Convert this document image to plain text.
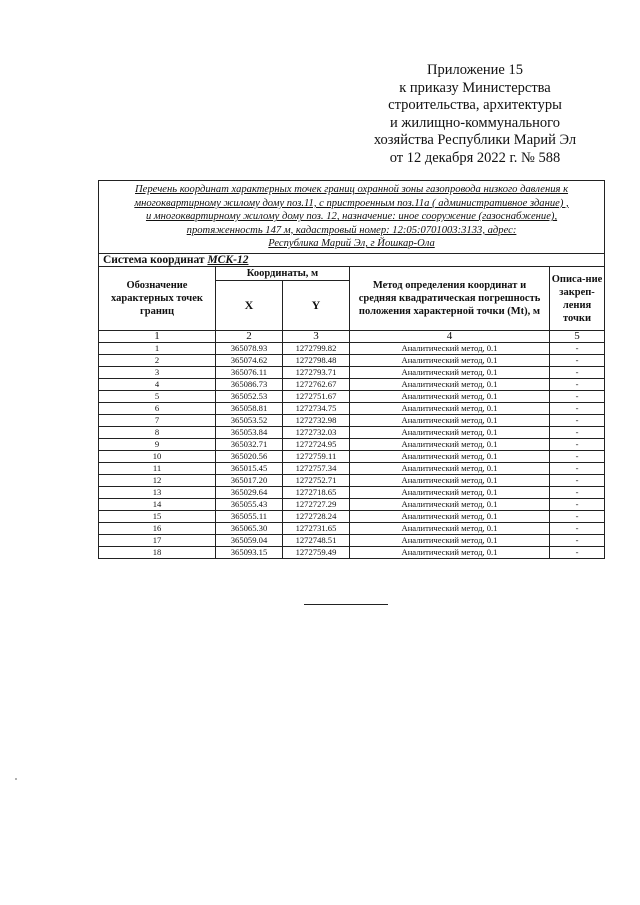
Приложение 15
к приказу Министерства
строительства, архитектуры
и жилищно-коммунального
хозяйства Республики Марий Эл
от 12 декабря 2022 г. № 588
Перечень координат характерных точек границ охранной зоны газопровода низкого давления к
многоквартирному жилому дому поз.11, с пристроенным поз.11а ( административное здание) ,
и многоквартирному жилому дому поз. 12, назначение: иное сооружение (газоснабжение),
протяженность 147 м, кадастровый номер: 12:05:0701003:3133, адрес:
Республика Марий Эл, г Йошкар-Ола				

Система координат МСК-12				
Обозначение характерных точек границ	Координаты, м		Метод определения координат и средняя квадратическая погрешность положения характерной точки (Mt), м	Описа-ние закреп-ления точки
	X	Y		
1	2	3	4	5
1	365078.93	1272799.82	Аналитический метод, 0.1	-
2	365074.62	1272798.48	Аналитический метод, 0.1	-
3	365076.11	1272793.71	Аналитический метод, 0.1	-
4	365086.73	1272762.67	Аналитический метод, 0.1	-
5	365052.53	1272751.67	Аналитический метод, 0.1	-
6	365058.81	1272734.75	Аналитический метод, 0.1	-
7	365053.52	1272732.98	Аналитический метод, 0.1	-
8	365053.84	1272732.03	Аналитический метод, 0.1	-
9	365032.71	1272724.95	Аналитический метод, 0.1	-
10	365020.56	1272759.11	Аналитический метод, 0.1	-
11	365015.45	1272757.34	Аналитический метод, 0.1	-
12	365017.20	1272752.71	Аналитический метод, 0.1	-
13	365029.64	1272718.65	Аналитический метод, 0.1	-
14	365055.43	1272727.29	Аналитический метод, 0.1	-
15	365055.11	1272728.24	Аналитический метод, 0.1	-
16	365065.30	1272731.65	Аналитический метод, 0.1	-
17	365059.04	1272748.51	Аналитический метод, 0.1	-
18	365093.15	1272759.49	Аналитический метод, 0.1	-
